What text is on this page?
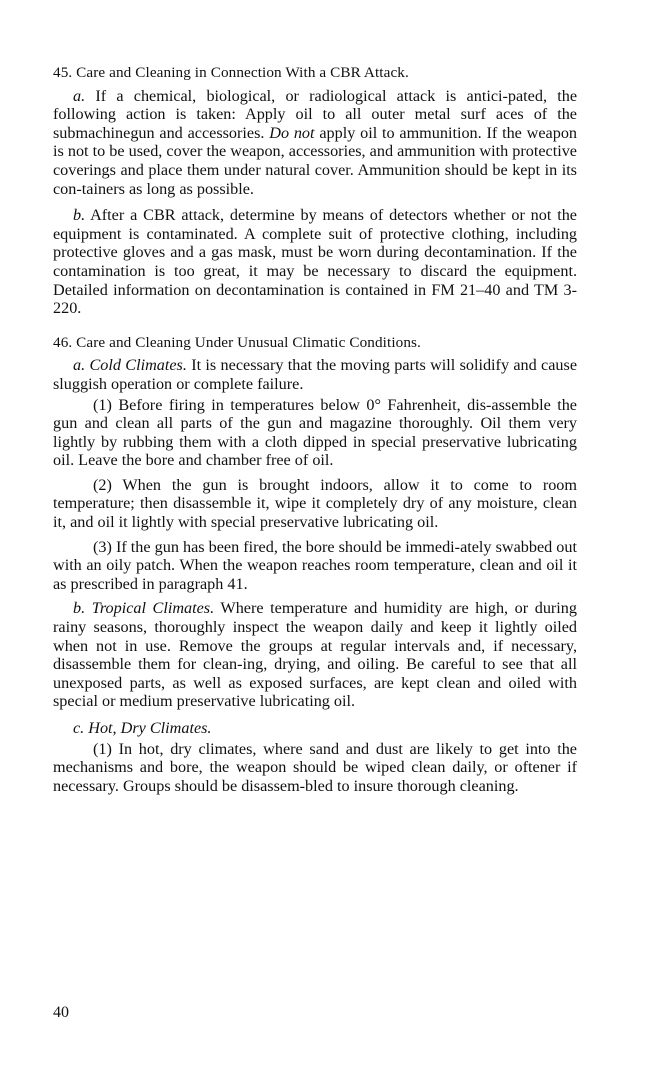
45. Care and Cleaning in Connection With a CBR Attack.

a. If a chemical, biological, or radiological attack is antici-pated, the following action is taken: Apply oil to all outer metal surf aces of the submachinegun and accessories. Do not apply oil to ammunition. If the weapon is not to be used, cover the weapon, accessories, and ammunition with protective coverings and place them under natural cover. Ammunition should be kept in its con-tainers as long as possible.

b. After a CBR attack, determine by means of detectors whether or not the equipment is contaminated. A complete suit of protective clothing, including protective gloves and a gas mask, must be worn during decontamination. If the contamination is too great, it may be necessary to discard the equipment. Detailed information on decontamination is contained in FM 21–40 and TM 3-220.

46. Care and Cleaning Under Unusual Climatic Conditions.

a. Cold Climates. It is necessary that the moving parts will solidify and cause sluggish operation or complete failure.

(1) Before firing in temperatures below 0° Fahrenheit, dis-assemble the gun and clean all parts of the gun and magazine thoroughly. Oil them very lightly by rubbing them with a cloth dipped in special preservative lubricating oil. Leave the bore and chamber free of oil.

(2) When the gun is brought indoors, allow it to come to room temperature; then disassemble it, wipe it completely dry of any moisture, clean it, and oil it lightly with special preservative lubricating oil.

(3) If the gun has been fired, the bore should be immedi-ately swabbed out with an oily patch. When the weapon reaches room temperature, clean and oil it as prescribed in paragraph 41.

b. Tropical Climates. Where temperature and humidity are high, or during rainy seasons, thoroughly inspect the weapon daily and keep it lightly oiled when not in use. Remove the groups at regular intervals and, if necessary, disassemble them for clean-ing, drying, and oiling. Be careful to see that all unexposed parts, as well as exposed surfaces, are kept clean and oiled with special or medium preservative lubricating oil.

c. Hot, Dry Climates.

(1) In hot, dry climates, where sand and dust are likely to get into the mechanisms and bore, the weapon should be wiped clean daily, or oftener if necessary. Groups should be disassem-bled to insure thorough cleaning.

40
